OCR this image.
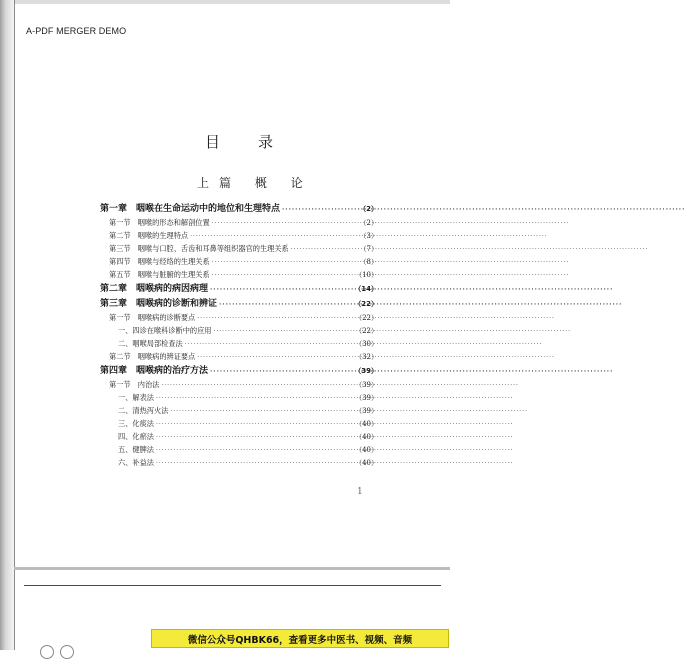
A-PDF MERGER DEMO
目	录
上篇 概 论
第一章　咽喉在生命运动中的地位和生理特点 ·····	（2）
第一节　咽喉的形态和解剖位置 ·····	（2）
第二节　咽喉的生理特点 ·····	（3）
第三节　咽喉与口腔、舌齿和耳鼻等组织器官的生理关系 ·····	（7）
第四节　咽喉与经络的生理关系 ·····	（8）
第五节　咽喉与脏腑的生理关系 ·····	（10）
第二章　咽喉病的病因病理 ·····	（14）
第三章　咽喉病的诊断和辨证 ·····	（22）
第一节　咽喉病的诊断要点 ·····	（22）
一、四诊在喉科诊断中的应用 ·····	（22）
二、咽喉局部检查法 ·····	（30）
第二节　咽喉病的辨证要点 ·····	（32）
第四章　咽喉病的治疗方法 ·····	（39）
第一节　内治法 ·····	（39）
一、解表法 ·····	（39）
二、清热泻火法 ·····	（39）
三、化痰法 ·····	（40）
四、化瘀法 ·····	（40）
五、健脾法 ·····	（40）
六、补益法 ·····	（40）
1
微信公众号QHBK66，查看更多中医书、视频、音频
